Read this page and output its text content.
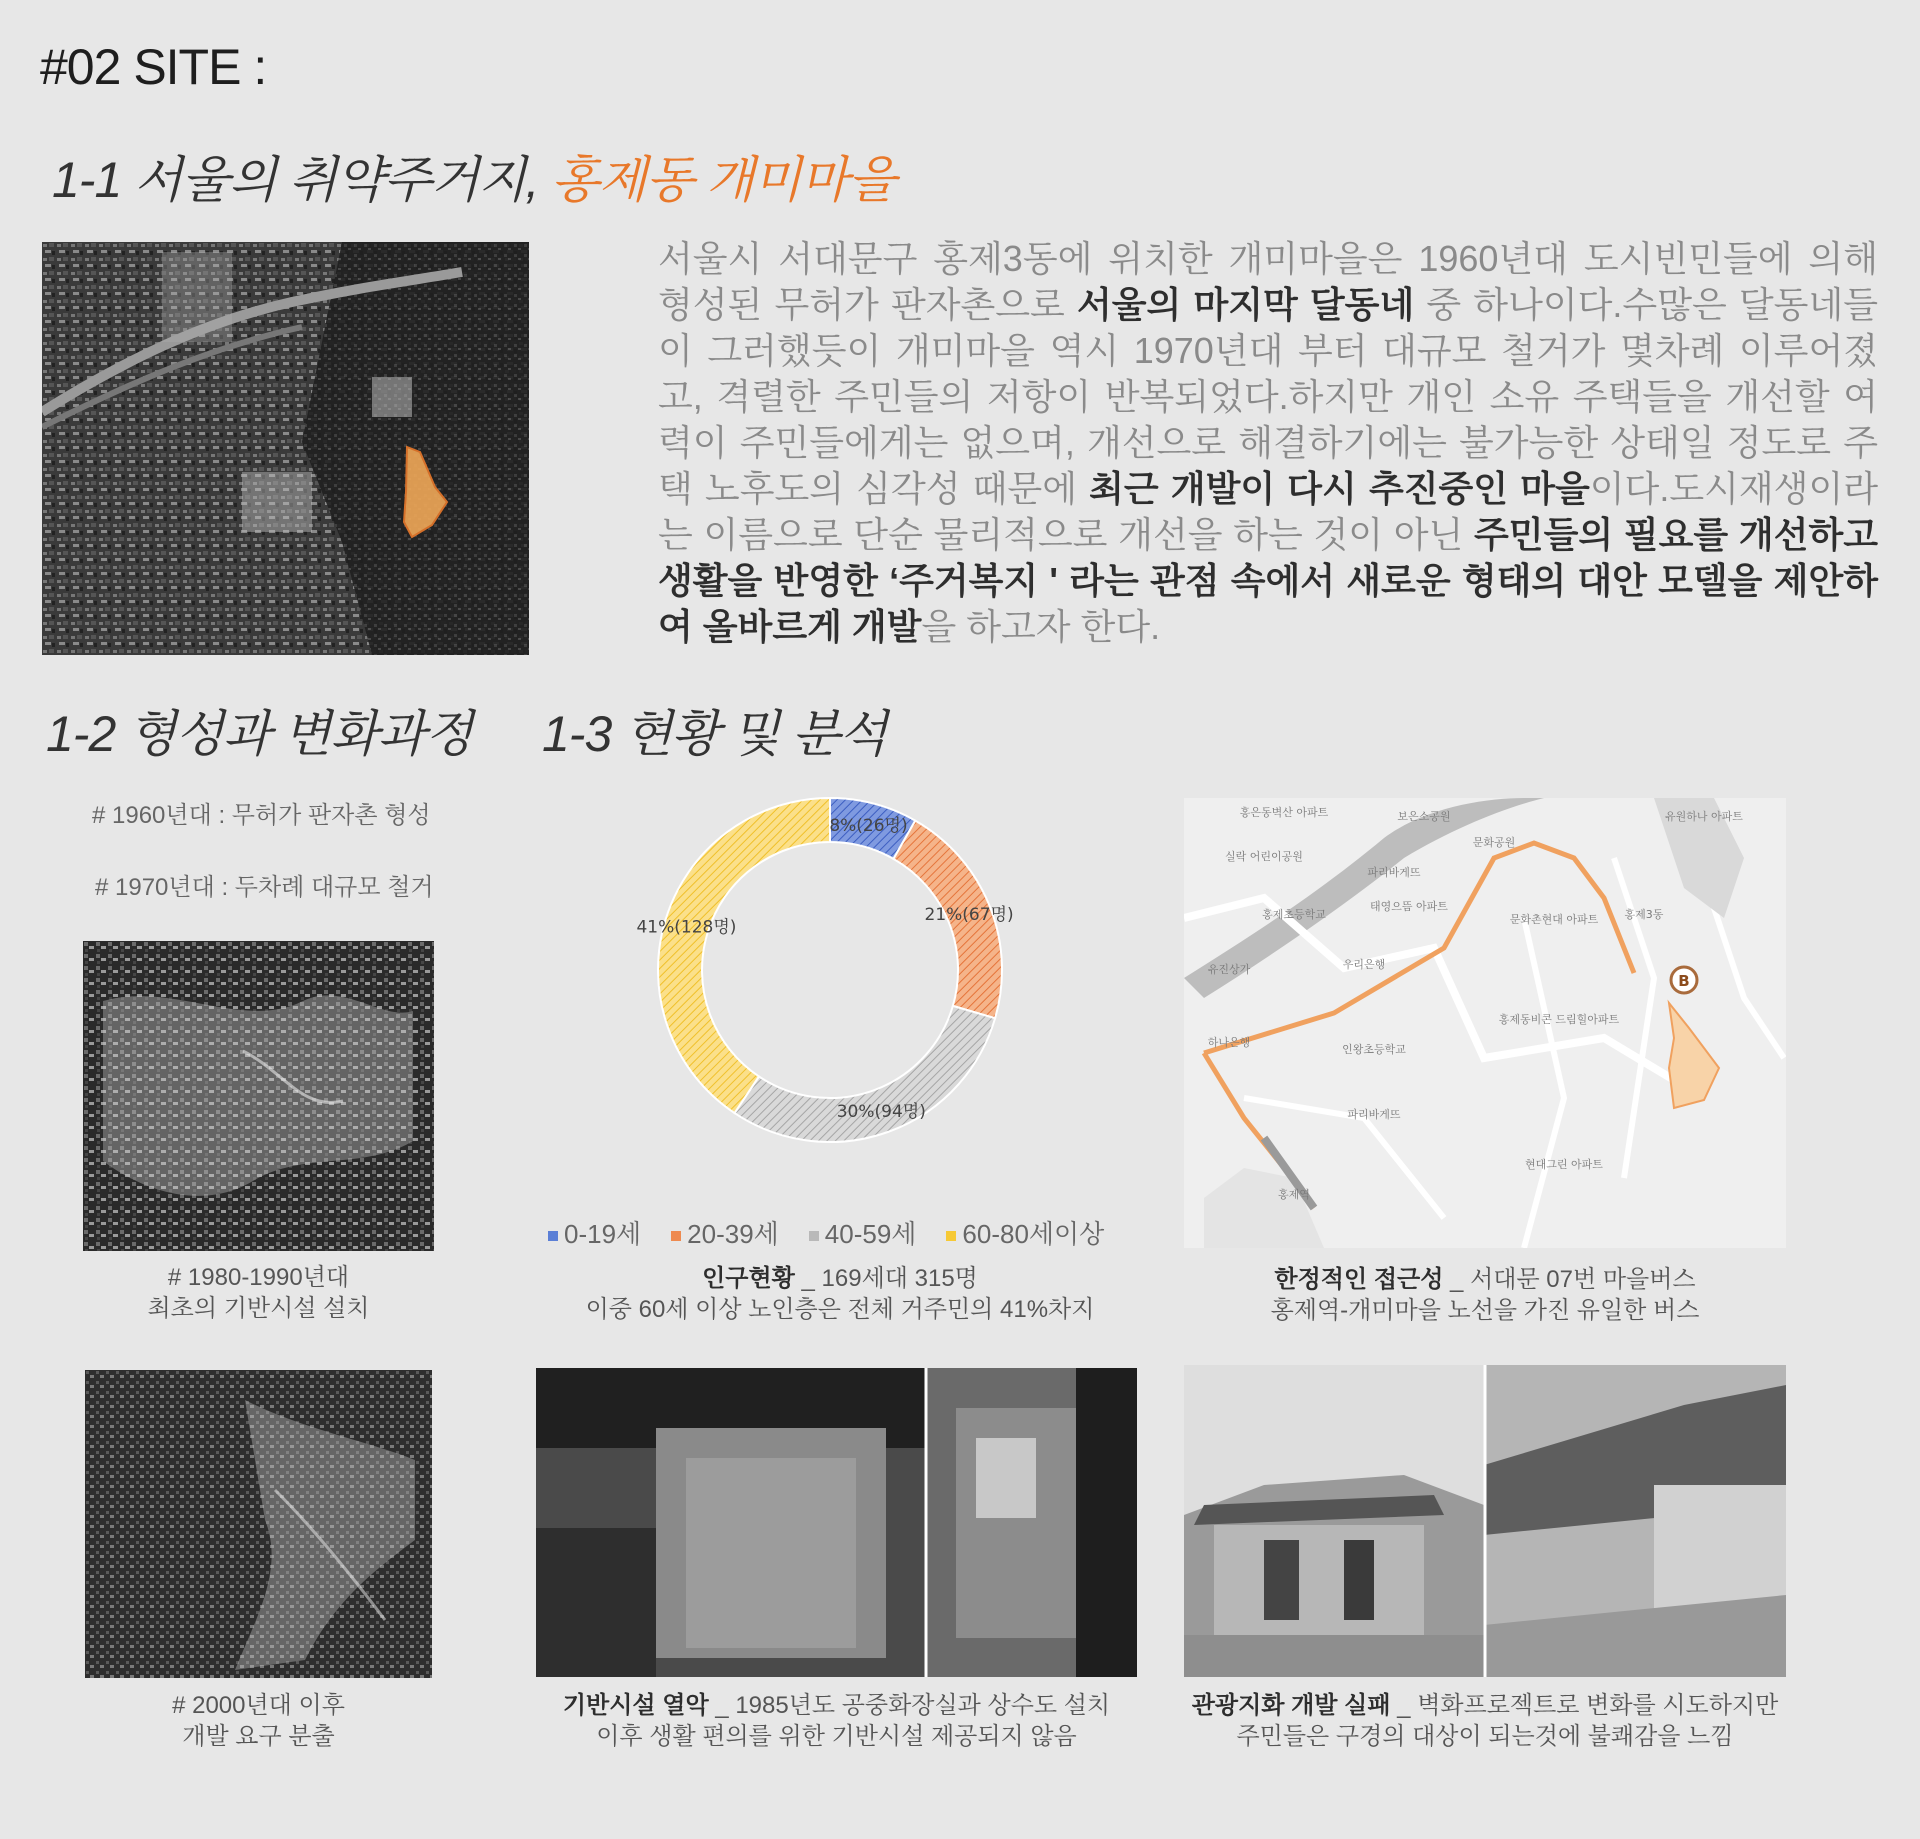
#02 SITE :
1-1 서울의 취약주거지, 홍제동 개미마을
서울시 서대문구 홍제3동에 위치한 개미마을은 1960년대 도시빈민들에 의해 형성된 무허가 판자촌으로 서울의 마지막 달동네 중 하나이다.수많은 달동네들이 그러했듯이 개미마을 역시 1970년대 부터 대규모 철거가 몇차례 이루어졌고, 격렬한 주민들의 저항이 반복되었다.하지만 개인 소유 주택들을 개선할 여력이 주민들에게는 없으며, 개선으로 해결하기에는 불가능한 상태일 정도로 주택 노후도의 심각성 때문에 최근 개발이 다시 추진중인 마을이다.도시재생이라는 이름으로 단순 물리적으로 개선을 하는 것이 아닌 주민들의 필요를 개선하고 생활을 반영한 ‘주거복지 ' 라는 관점 속에서 새로운 형태의 대안 모델을 제안하여 올바르게 개발을 하고자 한다.
1-2 형성과 변화과정 1-3 현황 및 분석
# 1960년대 : 무허가 판자촌 형성
# 1970년대 : 두차례 대규모 철거
# 1980-1990년대
최초의 기반시설 설치
# 2000년대 이후
개발 요구 분출
8%(26명)
21%(67명)
30%(94명)
41%(128명)
0-19세	20-39세	40-59세	60-80세이상
인구현황 _ 169세대 315명
이중 60세 이상 노인층은 전체 거주민의 41%차지
B
홍은동벽산 아파트	보은소공원	유원하나 아파트
실락 어린이공원
파리바게뜨
문화공원
홍제초등학교
태영으뜸 아파트
문화촌현대 아파트 홍제3동
우리은행
유진상가
홍제동비콘 드림힐아파트
하나은행
인왕초등학교
파리바게뜨
현대그린 아파트
홍제역
한정적인 접근성 _ 서대문 07번 마을버스
홍제역-개미마을 노선을 가진 유일한 버스
기반시설 열악 _ 1985년도 공중화장실과 상수도 설치
이후 생활 편의를 위한 기반시설 제공되지 않음
관광지화 개발 실패 _ 벽화프로젝트로 변화를 시도하지만
주민들은 구경의 대상이 되는것에 불쾌감을 느낌
